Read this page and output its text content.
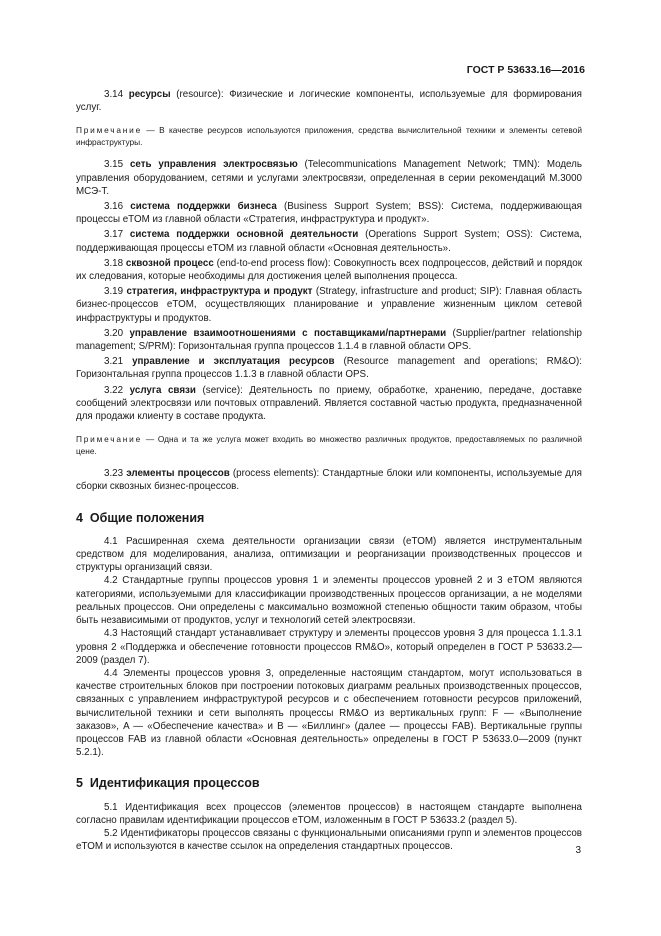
ГОСТ Р 53633.16—2016

3.14 ресурсы (resource): Физические и логические компоненты, используемые для формирования услуг.

Примечание — В качестве ресурсов используются приложения, средства вычислительной техники и элементы сетевой инфраструктуры.

3.15 сеть управления электросвязью (Telecommunications Management Network; TMN): Модель управления оборудованием, сетями и услугами электросвязи, определенная в серии рекомендаций М.3000 МСЭ-Т.

3.16 система поддержки бизнеса (Business Support System; BSS): Система, поддерживающая процессы eTOM из главной области «Стратегия, инфраструктура и продукт».

3.17 система поддержки основной деятельности (Operations Support System; OSS): Система, поддерживающая процессы eTOM из главной области «Основная деятельность».

3.18 сквозной процесс (end-to-end process flow): Совокупность всех подпроцессов, действий и порядок их следования, которые необходимы для достижения целей выполнения процесса.

3.19 стратегия, инфраструктура и продукт (Strategy, infrastructure and product; SIP): Главная область бизнес-процессов eTOM, осуществляющих планирование и управление жизненным циклом сетевой инфраструктуры и продуктов.

3.20 управление взаимоотношениями с поставщиками/партнерами (Supplier/partner relationship management; S/PRM): Горизонтальная группа процессов 1.1.4 в главной области OPS.

3.21 управление и эксплуатация ресурсов (Resource management and operations; RM&O): Горизонтальная группа процессов 1.1.3 в главной области OPS.

3.22 услуга связи (service): Деятельность по приему, обработке, хранению, передаче, доставке сообщений электросвязи или почтовых отправлений. Является составной частью продукта, предназначенной для продажи клиенту в составе продукта.

Примечание — Одна и та же услуга может входить во множество различных продуктов, предоставляемых по различной цене.

3.23 элементы процессов (process elements): Стандартные блоки или компоненты, используемые для сборки сквозных бизнес-процессов.

4 Общие положения

4.1 Расширенная схема деятельности организации связи (eTOM) является инструментальным средством для моделирования, анализа, оптимизации и реорганизации производственных процессов и структуры организаций связи.

4.2 Стандартные группы процессов уровня 1 и элементы процессов уровней 2 и 3 eTOM являются категориями, используемыми для классификации производственных процессов организации, а не моделями реальных процессов. Они определены с максимально возможной степенью общности таким образом, чтобы быть независимыми от продуктов, услуг и технологий сетей электросвязи.

4.3 Настоящий стандарт устанавливает структуру и элементы процессов уровня 3 для процесса 1.1.3.1 уровня 2 «Поддержка и обеспечение готовности процессов RM&O», который определен в ГОСТ Р 53633.2—2009 (раздел 7).

4.4 Элементы процессов уровня 3, определенные настоящим стандартом, могут использоваться в качестве строительных блоков при построении потоковых диаграмм реальных производственных процессов, связанных с управлением инфраструктурой ресурсов и с обеспечением готовности ресурсов приложений, вычислительной техники и сети выполнять процессы RM&O из вертикальных групп: F — «Выполнение заказов», A — «Обеспечение качества» и B — «Биллинг» (далее — процессы FAB). Вертикальные группы процессов FAB из главной области «Основная деятельность» определены в ГОСТ Р 53633.0—2009 (пункт 5.2.1).

5 Идентификация процессов

5.1 Идентификация всех процессов (элементов процессов) в настоящем стандарте выполнена согласно правилам идентификации процессов eTOM, изложенным в ГОСТ Р 53633.2 (раздел 5).

5.2 Идентификаторы процессов связаны с функциональными описаниями групп и элементов процессов eTOM и используются в качестве ссылок на определения стандартных процессов.	3
